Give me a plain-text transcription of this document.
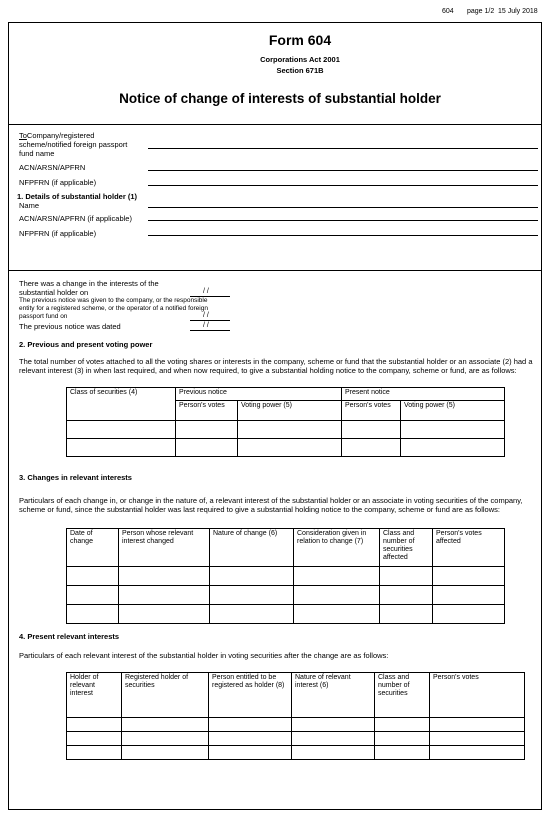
604 page 1/2 15 July 2018
Form 604
Corporations Act 2001
Section 671B
Notice of change of interests of substantial holder
ToCompany/registered
scheme/notified foreign passport
fund name
ACN/ARSN/APFRN
NFPFRN (if applicable)
1. Details of substantial holder (1)
Name
ACN/ARSN/APFRN (if applicable)
NFPFRN (if applicable)
There was a change in the interests of the
substantial holder on	/ /
The previous notice was given to the company, or the responsible
entity for a registered scheme, or the operator of a notified foreign
passport fund on	/ /
The previous notice was dated	/ /
2. Previous and present voting power
The total number of votes attached to all the voting shares or interests in the company, scheme or fund that the substantial holder or an associate (2) had a relevant interest (3) in when last required, and when now required, to give a substantial holding notice to the company, scheme or fund, are as follows:
Class of securities (4)	Previous notice		Present notice	
	Person's votes	Voting power (5)	Person's votes	Voting power (5)

3. Changes in relevant interests
Particulars of each change in, or change in the nature of, a relevant interest of the substantial holder or an associate in voting securities of the company, scheme or fund, since the substantial holder was last required to give a substantial holding notice to the company, scheme or fund are as follows:
Date of change	Person whose relevant interest changed	Nature of change (6)	Consideration given in relation to change (7)	Class and number of securities affected	Person's votes affected

4. Present relevant interests
Particulars of each relevant interest of the substantial holder in voting securities after the change are as follows:
Holder of relevant interest	Registered holder of securities	Person entitled to be registered as holder (8)	Nature of relevant interest (6)	Class and number of securities	Person's votes
